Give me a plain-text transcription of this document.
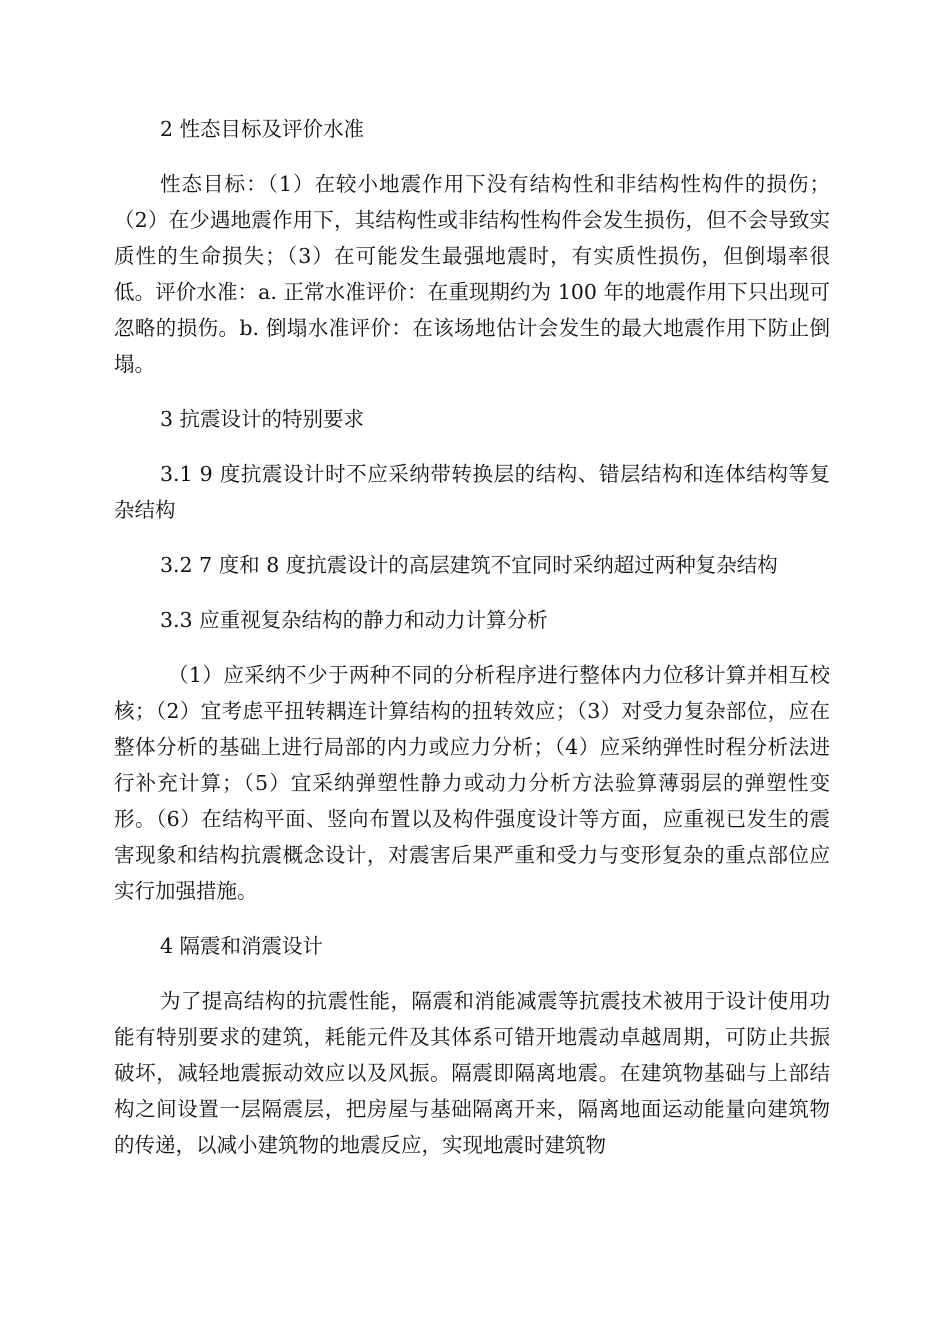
2 性态目标及评价水准

性态目标：（1）在较小地震作用下没有结构性和非结构性构件的损伤；（2）在少遇地震作用下，其结构性或非结构性构件会发生损伤，但不会导致实质性的生命损失；（3）在可能发生最强地震时，有实质性损伤，但倒塌率很低。评价水准：a. 正常水准评价：在重现期约为 100 年的地震作用下只出现可忽略的损伤。b. 倒塌水准评价：在该场地估计会发生的最大地震作用下防止倒塌。

3 抗震设计的特别要求

3.1 9 度抗震设计时不应采纳带转换层的结构、错层结构和连体结构等复杂结构

3.2 7 度和 8 度抗震设计的高层建筑不宜同时采纳超过两种复杂结构

3.3 应重视复杂结构的静力和动力计算分析

（1）应采纳不少于两种不同的分析程序进行整体内力位移计算并相互校核；（2）宜考虑平扭转耦连计算结构的扭转效应；（3）对受力复杂部位，应在整体分析的基础上进行局部的内力或应力分析；（4）应采纳弹性时程分析法进行补充计算；（5）宜采纳弹塑性静力或动力分析方法验算薄弱层的弹塑性变形。（6）在结构平面、竖向布置以及构件强度设计等方面，应重视已发生的震害现象和结构抗震概念设计，对震害后果严重和受力与变形复杂的重点部位应实行加强措施。

4 隔震和消震设计

为了提高结构的抗震性能，隔震和消能减震等抗震技术被用于设计使用功能有特别要求的建筑，耗能元件及其体系可错开地震动卓越周期，可防止共振破坏，减轻地震振动效应以及风振。隔震即隔离地震。在建筑物基础与上部结构之间设置一层隔震层，把房屋与基础隔离开来，隔离地面运动能量向建筑物的传递，以减小建筑物的地震反应，实现地震时建筑物
